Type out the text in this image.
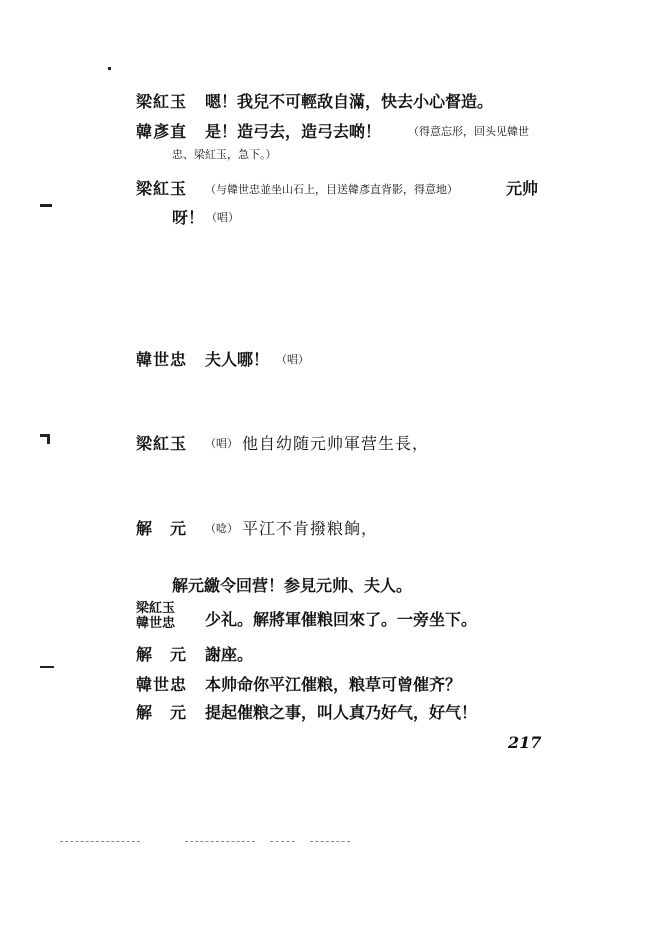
梁紅玉 嗯！我兒不可輕敌自滿，快去小心督造。
韓彥直 是！造弓去，造弓去啲！ （得意忘形，回头见韓世
忠、梁紅玉，急下。）
梁紅玉 （与韓世忠並坐山石上，目送韓彥直背影，得意地）	元帅
呀！ （唱）
韓世忠 夫人哪！ （唱）
梁紅玉 （唱） 他自幼随元帅軍营生長，
解　元 （唸） 平江不肯撥粮餉，
解元繳令回营！参見元帅、夫人。
梁紅玉
韓世忠 少礼。解將軍催粮回來了。一旁坐下。
解　元 謝座。
韓世忠 本帅命你平江催粮，粮草可曾催齐？
解　元 提起催粮之事，叫人真乃好气，好气！
217
